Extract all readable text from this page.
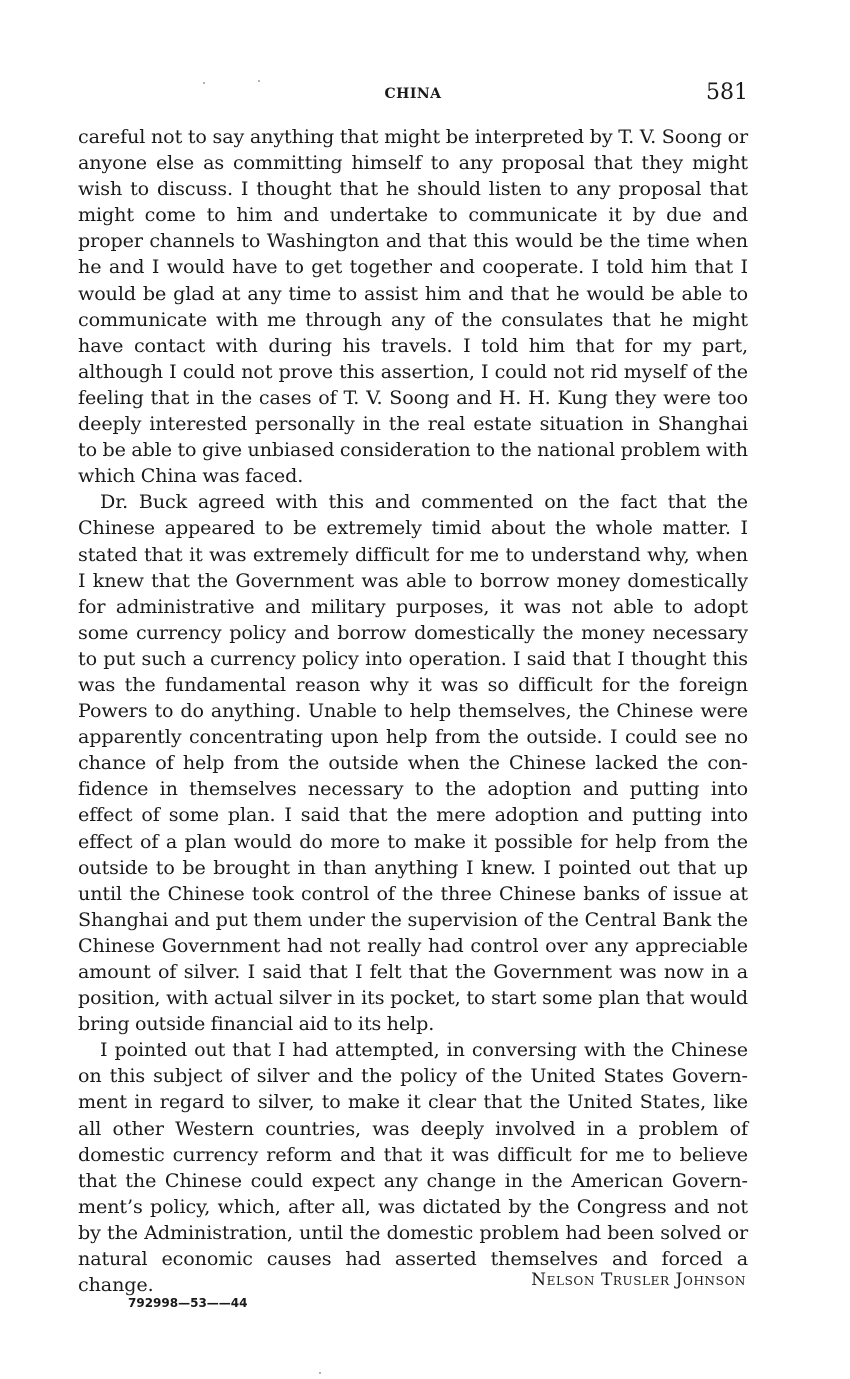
CHINA	581

careful not to say anything that might be interpreted by T. V. Soong or anyone else as committing himself to any proposal that they might wish to discuss. I thought that he should listen to any proposal that might come to him and undertake to communicate it by due and proper channels to Washington and that this would be the time when he and I would have to get together and cooperate. I told him that I would be glad at any time to assist him and that he would be able to communicate with me through any of the consulates that he might have contact with during his travels. I told him that for my part, although I could not prove this assertion, I could not rid myself of the feeling that in the cases of T. V. Soong and H. H. Kung they were too deeply interested personally in the real estate situation in Shanghai to be able to give unbiased consideration to the national problem with which China was faced.

Dr. Buck agreed with this and commented on the fact that the Chinese appeared to be extremely timid about the whole matter. I stated that it was extremely difficult for me to understand why, when I knew that the Government was able to borrow money domestically for administrative and military purposes, it was not able to adopt some currency policy and borrow domestically the money necessary to put such a currency policy into operation. I said that I thought this was the fundamental reason why it was so difficult for the foreign Powers to do anything. Unable to help themselves, the Chinese were apparently concentrating upon help from the outside. I could see no chance of help from the outside when the Chinese lacked the confidence in themselves necessary to the adoption and putting into effect of some plan. I said that the mere adoption and putting into effect of a plan would do more to make it possible for help from the outside to be brought in than anything I knew. I pointed out that up until the Chinese took control of the three Chinese banks of issue at Shanghai and put them under the supervision of the Central Bank the Chinese Government had not really had control over any appreciable amount of silver. I said that I felt that the Government was now in a position, with actual silver in its pocket, to start some plan that would bring outside financial aid to its help.

I pointed out that I had attempted, in conversing with the Chinese on this subject of silver and the policy of the United States Government in regard to silver, to make it clear that the United States, like all other Western countries, was deeply involved in a problem of domestic currency reform and that it was difficult for me to believe that the Chinese could expect any change in the American Government’s policy, which, after all, was dictated by the Congress and not by the Administration, until the domestic problem had been solved or natural economic causes had asserted themselves and forced a change.	Nelson Trusler Johnson
792998—53——44
